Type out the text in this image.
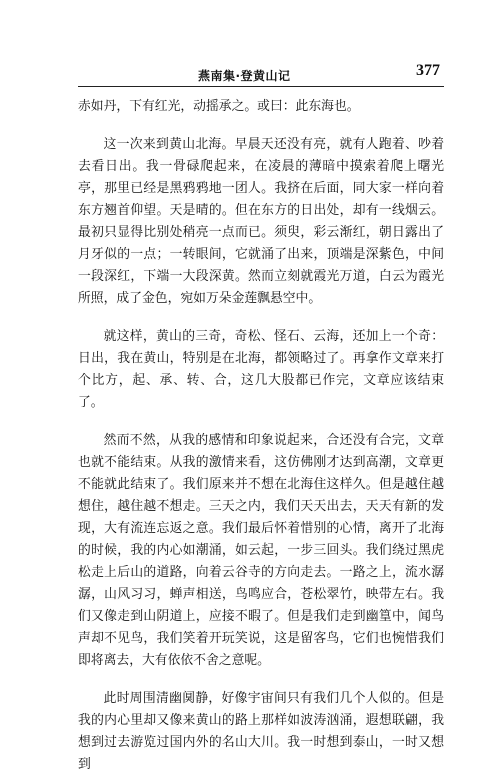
燕南集·登黄山记	377

赤如丹，下有红光，动摇承之。或曰：此东海也。

这一次来到黄山北海。早晨天还没有亮，就有人跑着、吵着去看日出。我一骨碌爬起来，在凌晨的薄暗中摸索着爬上曙光亭，那里已经是黑鸦鸦地一团人。我挤在后面，同大家一样向着东方翘首仰望。天是晴的。但在东方的日出处，却有一线烟云。最初只显得比别处稍亮一点而已。须臾，彩云渐红，朝日露出了月牙似的一点；一转眼间，它就涌了出来，顶端是深紫色，中间一段深红，下端一大段深黄。然而立刻就霞光万道，白云为霞光所照，成了金色，宛如万朵金莲飘悬空中。

就这样，黄山的三奇，奇松、怪石、云海，还加上一个奇：日出，我在黄山，特别是在北海，都领略过了。再拿作文章来打个比方，起、承、转、合，这几大股都已作完，文章应该结束了。

然而不然，从我的感情和印象说起来，合还没有合完，文章也就不能结束。从我的激情来看，这仿佛刚才达到高潮，文章更不能就此结束了。我们原来并不想在北海住这样久。但是越住越想住，越住越不想走。三天之内，我们天天出去，天天有新的发现，大有流连忘返之意。我们最后怀着惜别的心情，离开了北海的时候，我的内心如潮涌，如云起，一步三回头。我们绕过黑虎松走上后山的道路，向着云谷寺的方向走去。一路之上，流水潺潺，山风习习，蝉声相送，鸟鸣应合，苍松翠竹，映带左右。我们又像走到山阴道上，应接不暇了。但是我们走到幽篁中，闻鸟声却不见鸟，我们笑着开玩笑说，这是留客鸟，它们也惋惜我们即将离去，大有依依不舍之意呢。

此时周围清幽阒静，好像宇宙间只有我们几个人似的。但是我的内心里却又像来黄山的路上那样如波涛汹涌，遐想联翩，我想到过去游览过国内外的名山大川。我一时想到泰山，一时又想到
